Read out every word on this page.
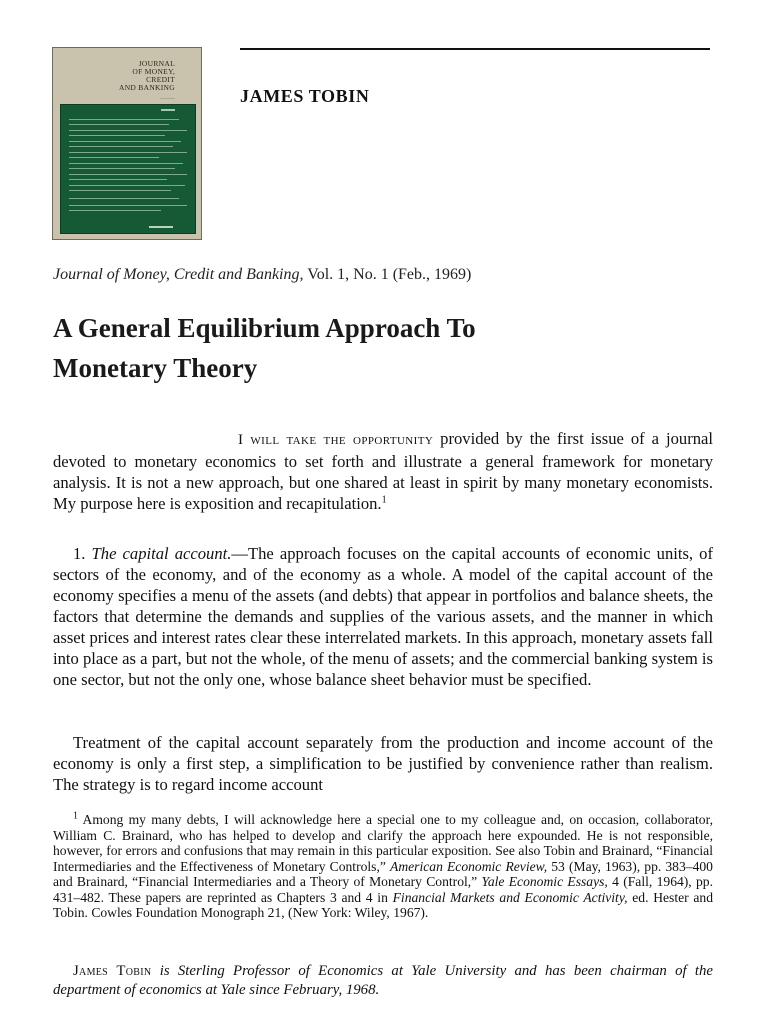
JOURNAL
OF MONEY,
CREDIT
AND BANKING
———	JAMES TOBIN
Journal of Money, Credit and Banking, Vol. 1, No. 1 (Feb., 1969)
A General Equilibrium Approach To
Monetary Theory

I will take the opportunity provided by the first issue of a journal devoted to monetary economics to set forth and illustrate a general framework for monetary analysis. It is not a new approach, but one shared at least in spirit by many monetary economists. My purpose here is exposition and recapitulation.$^1$

1. The capital account.—The approach focuses on the capital accounts of economic units, of sectors of the economy, and of the economy as a whole. A model of the capital account of the economy specifies a menu of the assets (and debts) that appear in portfolios and balance sheets, the factors that determine the demands and supplies of the various assets, and the manner in which asset prices and interest rates clear these interrelated markets. In this approach, monetary assets fall into place as a part, but not the whole, of the menu of assets; and the commercial banking system is one sector, but not the only one, whose balance sheet behavior must be specified.

Treatment of the capital account separately from the production and income account of the economy is only a first step, a simplification to be justified by convenience rather than realism. The strategy is to regard income account

$^1$ Among my many debts, I will acknowledge here a special one to my colleague and, on occasion, collaborator, William C. Brainard, who has helped to develop and clarify the approach here expounded. He is not responsible, however, for errors and confusions that may remain in this particular exposition. See also Tobin and Brainard, “Financial Intermediaries and the Effectiveness of Monetary Controls,” American Economic Review, 53 (May, 1963), pp. 383–400 and Brainard, “Financial Intermediaries and a Theory of Monetary Control,” Yale Economic Essays, 4 (Fall, 1964), pp. 431–482. These papers are reprinted as Chapters 3 and 4 in Financial Markets and Economic Activity, ed. Hester and Tobin. Cowles Foundation Monograph 21, (New York: Wiley, 1967).

James Tobin is Sterling Professor of Economics at Yale University and has been chairman of the department of economics at Yale since February, 1968.
